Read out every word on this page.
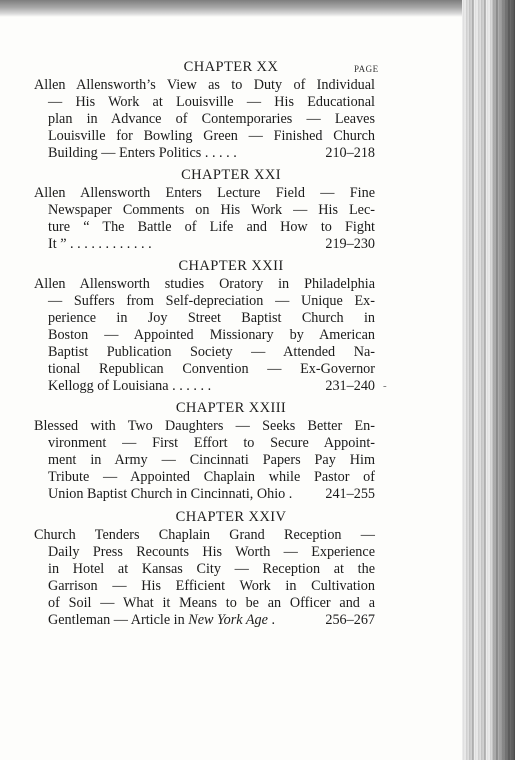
PAGE
CHAPTER XX
Allen Allensworth’s View as to Duty of Individual
— His Work at Louisville — His Educational
plan in Advance of Contemporaries — Leaves
Louisville for Bowling Green — Finished Church
Building — Enters Politics . . . . .	210–218
CHAPTER XXI
Allen Allensworth Enters Lecture Field — Fine
Newspaper Comments on His Work — His Lec-
ture “ The Battle of Life and How to Fight
It ” . . . . . . . . . . . .	219–230
CHAPTER XXII
Allen Allensworth studies Oratory in Philadelphia
— Suffers from Self-depreciation — Unique Ex-
perience in Joy Street Baptist Church in
Boston — Appointed Missionary by American
Baptist Publication Society — Attended Na-
tional Republican Convention — Ex-Governor
Kellogg of Louisiana . . . . . .	231–240 -
CHAPTER XXIII
Blessed with Two Daughters — Seeks Better En-
vironment — First Effort to Secure Appoint-
ment in Army — Cincinnati Papers Pay Him
Tribute — Appointed Chaplain while Pastor of
Union Baptist Church in Cincinnati, Ohio . 241–255
CHAPTER XXIV
Church Tenders Chaplain Grand Reception —
Daily Press Recounts His Worth — Experience
in Hotel at Kansas City — Reception at the
Garrison — His Efficient Work in Cultivation
of Soil — What it Means to be an Officer and a
Gentleman — Article in New York Age .	256–267
